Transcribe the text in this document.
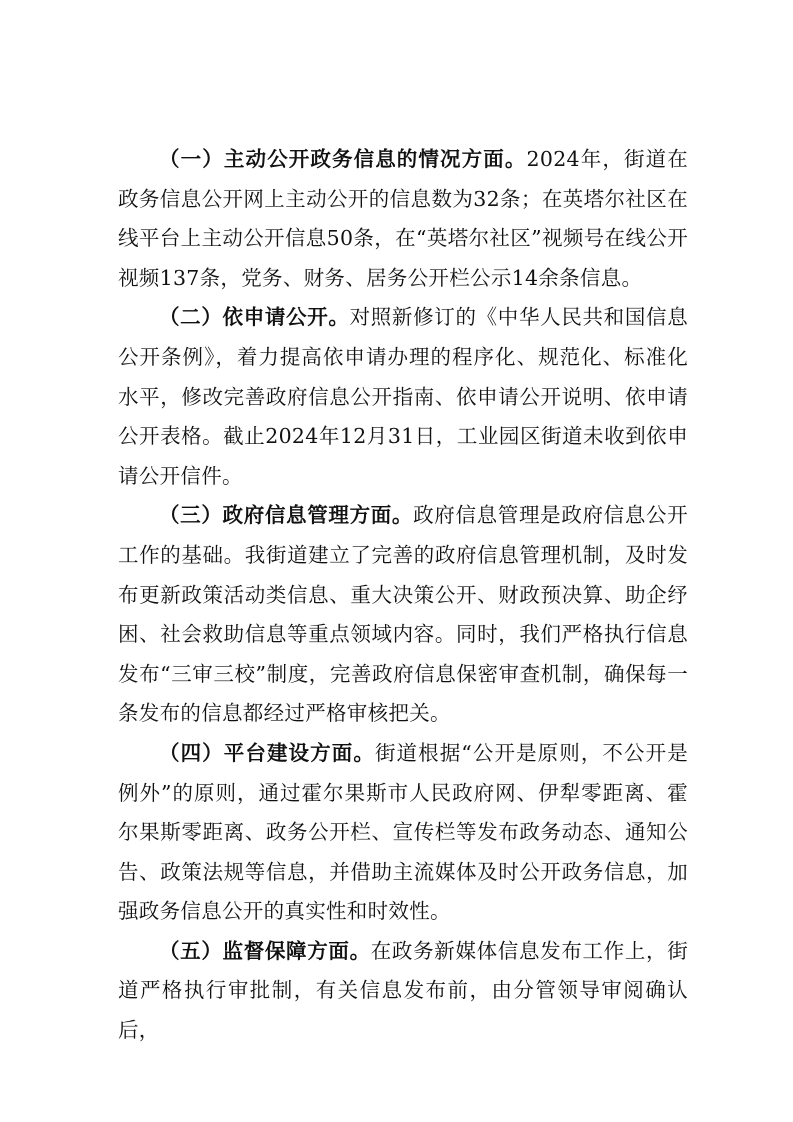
（一）主动公开政务信息的情况方面。2024年，街道在政务信息公开网上主动公开的信息数为32条；在英塔尔社区在线平台上主动公开信息50条，在“英塔尔社区”视频号在线公开视频137条，党务、财务、居务公开栏公示14余条信息。

（二）依申请公开。对照新修订的《中华人民共和国信息公开条例》，着力提高依申请办理的程序化、规范化、标准化水平，修改完善政府信息公开指南、依申请公开说明、依申请公开表格。截止2024年12月31日，工业园区街道未收到依申请公开信件。

（三）政府信息管理方面。政府信息管理是政府信息公开工作的基础。我街道建立了完善的政府信息管理机制，及时发布更新政策活动类信息、重大决策公开、财政预决算、助企纾困、社会救助信息等重点领域内容。同时，我们严格执行信息发布“三审三校”制度，完善政府信息保密审查机制，确保每一条发布的信息都经过严格审核把关。

（四）平台建设方面。街道根据“公开是原则，不公开是例外”的原则，通过霍尔果斯市人民政府网、伊犁零距离、霍尔果斯零距离、政务公开栏、宣传栏等发布政务动态、通知公告、政策法规等信息，并借助主流媒体及时公开政务信息，加强政务信息公开的真实性和时效性。

（五）监督保障方面。在政务新媒体信息发布工作上，街道严格执行审批制，有关信息发布前，由分管领导审阅确认后，
